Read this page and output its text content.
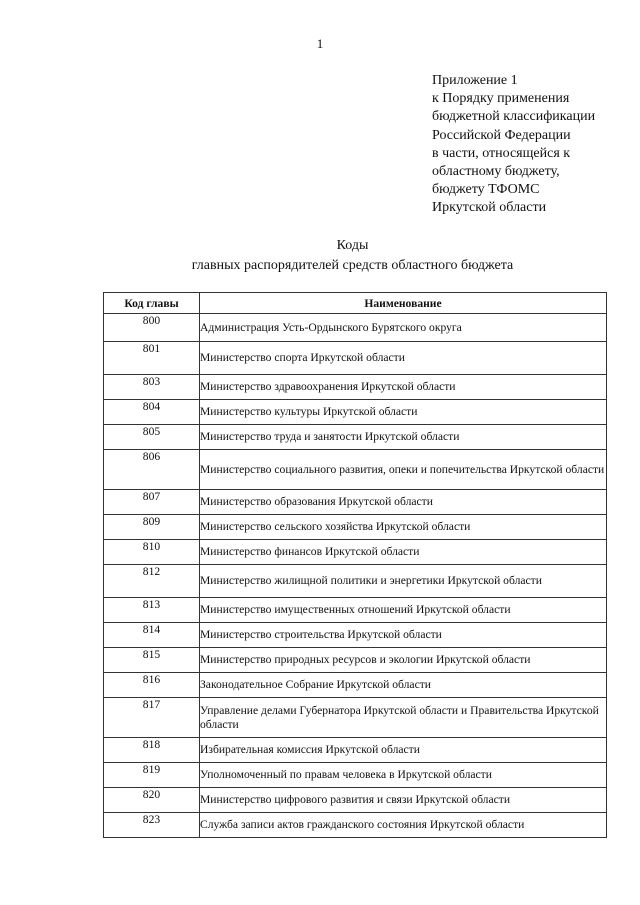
1
Приложение 1
к Порядку применения
бюджетной классификации
Российской Федерации
в части, относящейся к
областному бюджету,
бюджету ТФОМС
Иркутской области
Коды
главных распорядителей средств областного бюджета
Код главы	Наименование
800	Администрация Усть-Ордынского Бурятского округа
801	Министерство спорта Иркутской области
803	Министерство здравоохранения Иркутской области
804	Министерство культуры Иркутской области
805	Министерство труда и занятости Иркутской области
806	Министерство социального развития, опеки и попечительства Иркутской области
807	Министерство образования Иркутской области
809	Министерство сельского хозяйства Иркутской области
810	Министерство финансов Иркутской области
812	Министерство жилищной политики и энергетики Иркутской области
813	Министерство имущественных отношений Иркутской области
814	Министерство строительства Иркутской области
815	Министерство природных ресурсов и экологии Иркутской области
816	Законодательное Собрание Иркутской области
817	Управление делами Губернатора Иркутской области и Правительства Иркутской области
818	Избирательная комиссия Иркутской области
819	Уполномоченный по правам человека в Иркутской области
820	Министерство цифрового развития и связи Иркутской области
823	Служба записи актов гражданского состояния Иркутской области
